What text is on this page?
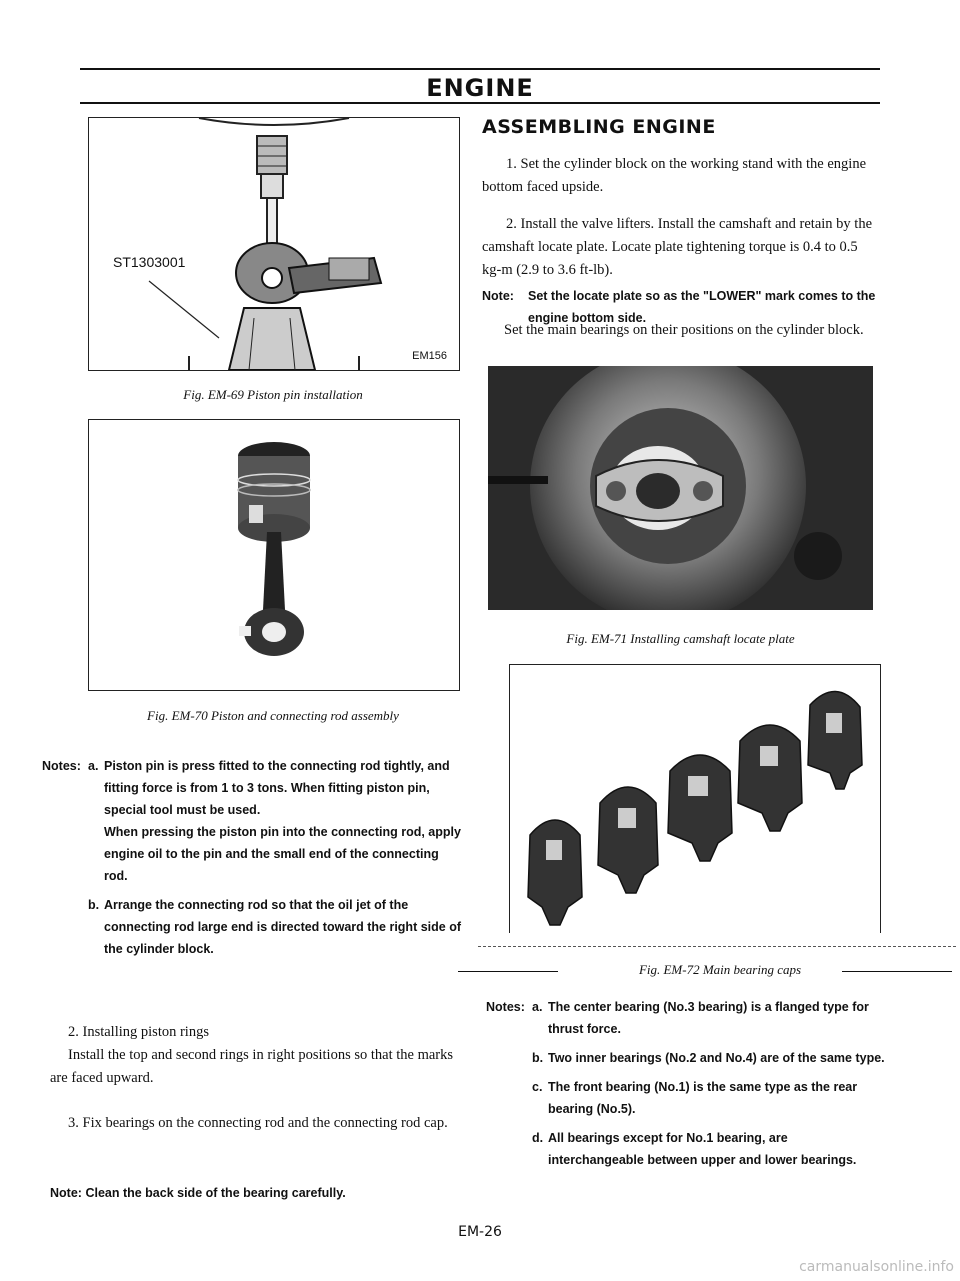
ENGINE
ST1303001
EM156
Fig. EM-69 Piston pin installation
Fig. EM-70 Piston and connecting rod assembly
Notes: a. Piston pin is press fitted to the connecting rod tightly, and fitting force is from 1 to 3 tons. When fitting piston pin, special tool must be used.
When pressing the piston pin into the connecting rod, apply engine oil to the pin and the small end of the connecting rod.
b. Arrange the connecting rod so that the oil jet of the connecting rod large end is directed toward the right side of the cylinder block.
2. Installing piston rings
Install the top and second rings in right positions so that the marks are faced upward.
3. Fix bearings on the connecting rod and the connecting rod cap.
Note: Clean the back side of the bearing carefully.
ASSEMBLING ENGINE
1. Set the cylinder block on the working stand with the engine bottom faced upside.
2. Install the valve lifters. Install the camshaft and retain by the camshaft locate plate. Locate plate tightening torque is 0.4 to 0.5 kg-m (2.9 to 3.6 ft-lb).
Note:	Set the locate plate so as the "LOWER" mark comes to the engine bottom side.
Set the main bearings on their positions on the cylinder block.
Fig. EM-71 Installing camshaft locate plate
Fig. EM-72 Main bearing caps
Notes: a. The center bearing (No.3 bearing) is a flanged type for thrust force.
b. Two inner bearings (No.2 and No.4) are of the same type.
c. The front bearing (No.1) is the same type as the rear bearing (No.5).
d. All bearings except for No.1 bearing, are interchangeable between upper and lower bearings.
EM-26
carmanualsonline.info
